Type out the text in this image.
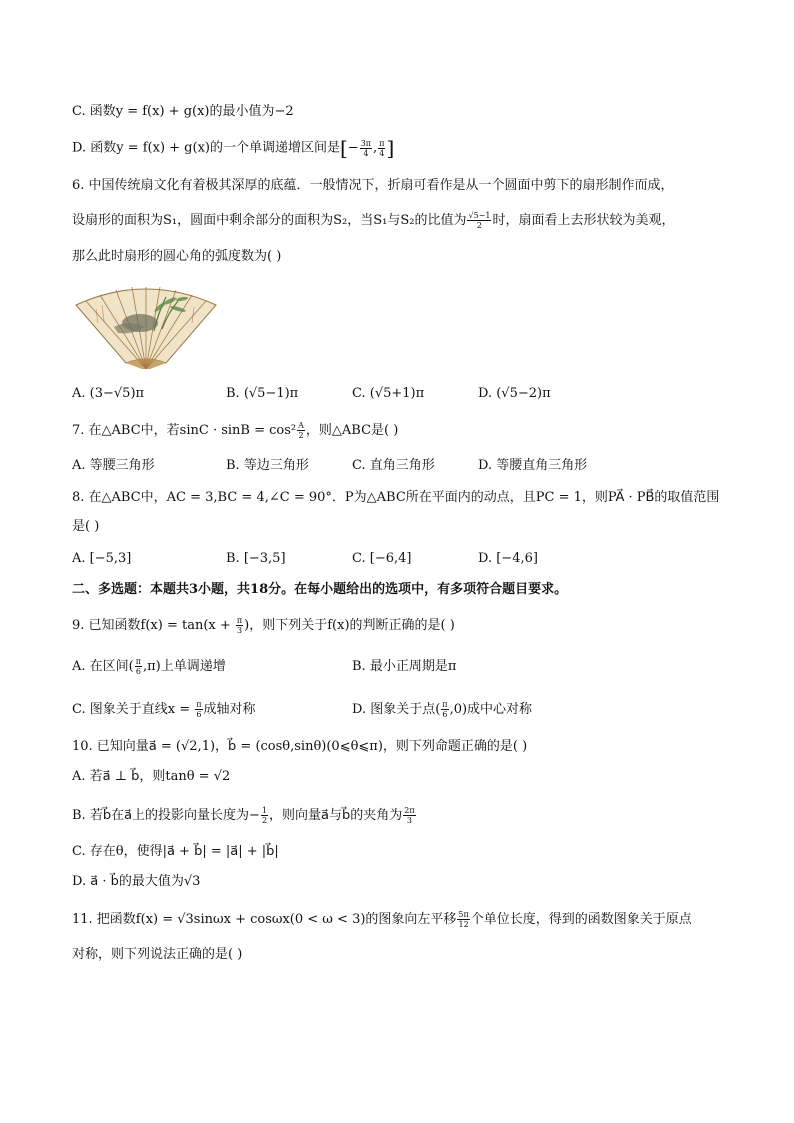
C. 函数y = f(x) + g(x)的最小值为−2
D. 函数y = f(x) + g(x)的一个单调递增区间是[− $\frac{3\pi}{4}$ , $\frac{\pi}{4}$ ]
6. 中国传统扇文化有着极其深厚的底蕴．一般情况下，折扇可看作是从一个圆面中剪下的扇形制作而成，
设扇形的面积为S₁，圆面中剩余部分的面积为S₂，当S₁与S₂的比值为 $\frac{√5-1}{2}$ 时，扇面看上去形状较为美观，
那么此时扇形的圆心角的弧度数为( )
A. (3−√5)π	B. (√5−1)π	C. (√5+1)π	D. (√5−2)π
7. 在△ABC中，若$\sin C \cdot \sin B = \cos^2 \frac{A}{2}$ ，则△ABC是( )
A. 等腰三角形	B. 等边三角形	C. 直角三角形	D. 等腰直角三角形
8. 在△ABC中，AC = 3,BC = 4,∠C = 90°．P为△ABC所在平面内的动点，且PC = 1，则PA⃗ · PB⃗的取值范围
是( )
A. [−5,3]	B. [−3,5]	C. [−6,4]	D. [−4,6]
二、多选题：本题共3小题，共18分。在每小题给出的选项中，有多项符合题目要求。
9. 已知函数$f(x) = \tan(x + \frac{\pi}{3}$ )，则下列关于f(x)的判断正确的是( )
A. 在区间( $\frac{\pi}{6} ,\pi$)上单调递增	B. 最小正周期是π
C. 图象关于直线$x = \frac{\pi}{6}$ 成轴对称	D. 图象关于点( $\frac{\pi}{6} ,0$)成中心对称
10. 已知向量a⃗ = (√2,1)，b⃗ = (cosθ,sinθ)(0⩽θ⩽π)，则下列命题正确的是( )
A. 若a⃗ ⊥ b⃗，则tanθ = √2
B. 若b⃗在a⃗上的投影向量长度为− $\frac{1}{2}$ ，则向量a⃗与b⃗的夹角为 $\frac{2\pi}{3}$
C. 存在θ，使得|a⃗ + b⃗| = |a⃗| + |b⃗|
D. a⃗ · b⃗的最大值为√3
11. 把函数f(x) = √3sinωx + cosωx(0 < ω < 3)的图象向左平移 $\frac{5\pi}{12}$ 个单位长度，得到的函数图象关于原点
对称，则下列说法正确的是( )
